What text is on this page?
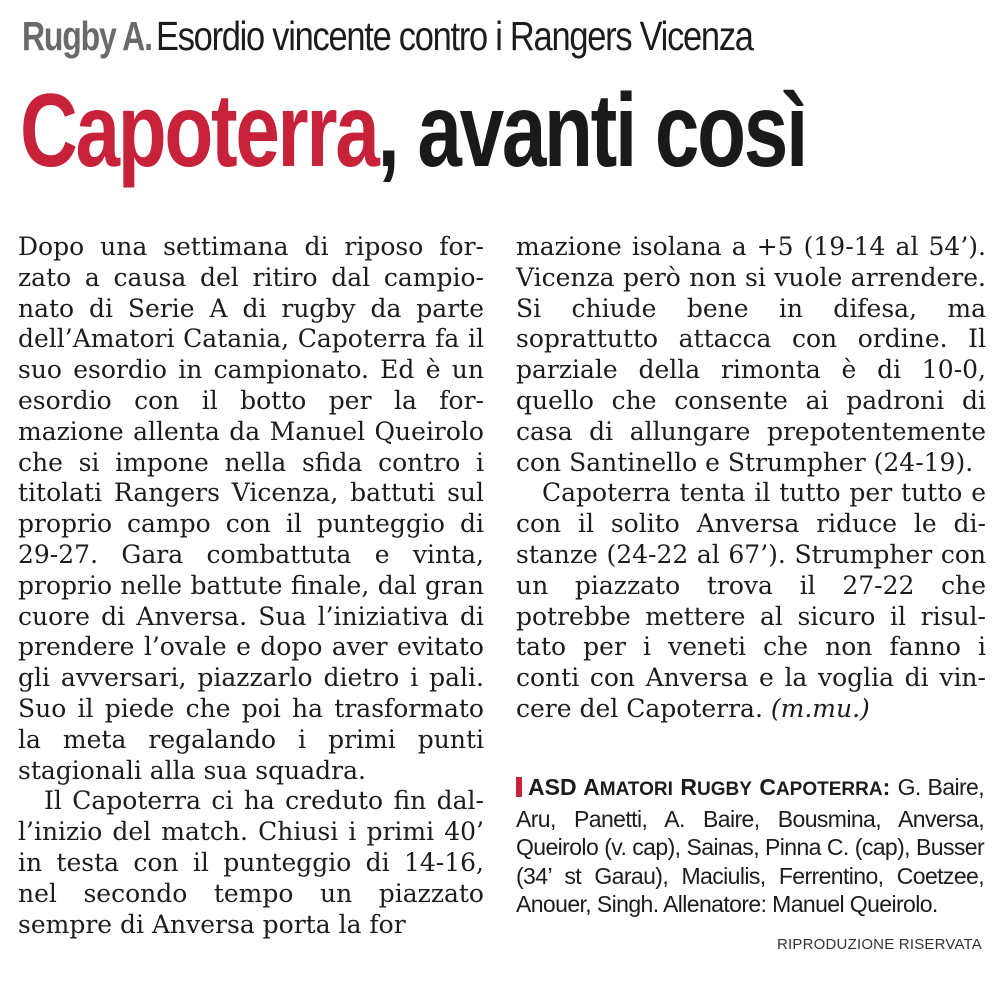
Rugby A. Esordio vincente contro i Rangers Vicenza
Capoterra, avanti così

Dopo una settimana di riposo forzato a causa del ritiro dal campionato di Serie A di rugby da parte dell’Amatori Catania, Capoterra fa il suo esordio in campionato. Ed è un esordio con il botto per la formazione allenta da Manuel Queirolo che si impone nella sfida contro i titolati Rangers Vicenza, battuti sul proprio campo con il punteggio di 29-27. Gara combattuta e vinta, proprio nelle battute finale, dal gran cuore di Anversa. Sua l’iniziativa di prendere l’ovale e dopo aver evitato gli avversari, piazzarlo dietro i pali. Suo il piede che poi ha trasformato la meta regalando i primi punti stagionali alla sua squadra.

Il Capoterra ci ha creduto fin dall’inizio del match. Chiusi i primi 40’ in testa con il punteggio di 14-16, nel secondo tempo un piazzato sempre di Anversa porta la for

mazione isolana a +5 (19-14 al 54’). Vicenza però non si vuole arrendere. Si chiude bene in difesa, ma soprattutto attacca con ordine. Il parziale della rimonta è di 10-0, quello che consente ai padroni di casa di allungare prepotentemente con Santinello e Strumpher (24-19).

Capoterra tenta il tutto per tutto e con il solito Anversa riduce le distanze (24-22 al 67’). Strumpher con un piazzato trova il 27-22 che potrebbe mettere al sicuro il risultato per i veneti che non fanno i conti con Anversa e la voglia di vincere del Capoterra. (m.mu.)

ASD AMATORI RUGBY CAPOTERRA: G. Baire, Aru, Panetti, A. Baire, Bousmina, Anversa, Queirolo (v. cap), Sainas, Pinna C. (cap), Busser (34’ st Garau), Maciulis, Ferrentino, Coetzee, Anouer, Singh. Allenatore: Manuel Queirolo.
RIPRODUZIONE RISERVATA
